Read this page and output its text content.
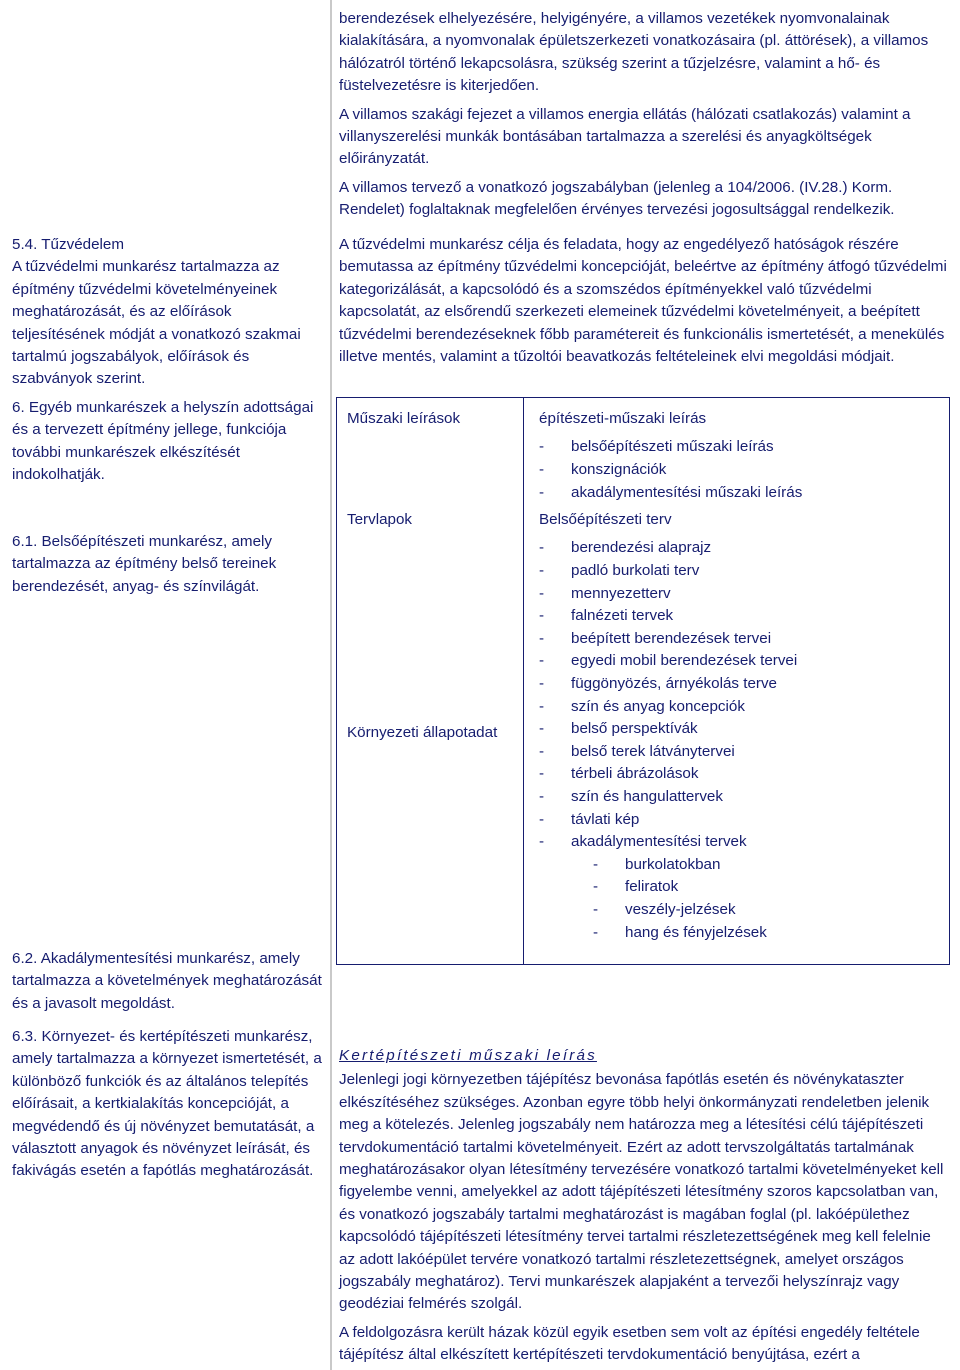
berendezések elhelyezésére, helyigényére, a villamos vezetékek nyomvonalainak kialakítására, a nyomvonalak épületszerkezeti vonatkozásaira (pl. áttörések), a villamos hálózatról történő lekapcsolásra, szükség szerint a tűzjelzésre, valamint a hő- és füstelvezetésre is kiterjedően.

A villamos szakági fejezet a villamos energia ellátás (hálózati csatlakozás) valamint a villanyszerelési munkák bontásában tartalmazza a szerelési és anyagköltségek előirányzatát.

A villamos tervező a vonatkozó jogszabályban (jelenleg a 104/2006. (IV.28.) Korm. Rendelet) foglaltaknak megfelelően érvényes tervezési jogosultsággal rendelkezik.

5.4. Tűzvédelem

A tűzvédelmi munkarész tartalmazza az építmény tűzvédelmi követelményeinek meghatározását, és az előírások teljesítésének módját a vonatkozó szakmai tartalmú jogszabályok, előírások és szabványok szerint.

A tűzvédelmi munkarész célja és feladata, hogy az engedélyező hatóságok részére bemutassa az építmény tűzvédelmi koncepcióját, beleértve az építmény átfogó tűzvédelmi kategorizálását, a kapcsolódó és a szomszédos építményekkel való tűzvédelmi kapcsolatát, az elsőrendű szerkezeti elemeinek tűzvédelmi követelményeit, a beépített tűzvédelmi berendezéseknek főbb paramétereit és funkcionális ismertetését, a menekülés illetve mentés, valamint a tűzoltói beavatkozás feltételeinek elvi megoldási módjait.

6. Egyéb munkarészek a helyszín adottságai és a tervezett építmény jellege, funkciója további munkarészek elkészítését indokolhatják.

6.1. Belsőépítészeti munkarész, amely tartalmazza az építmény belső tereinek berendezését, anyag- és színvilágát.

6.2. Akadálymentesítési munkarész, amely tartalmazza a követelmények meghatározását és a javasolt megoldást.

6.3. Környezet- és kertépítészeti munkarész, amely tartalmazza a környezet ismertetését, a különböző funkciók és az általános telepítés előírásait, a kertkialakítás koncepcióját, a megvédendő és új növényzet bemutatását, a választott anyagok és növényzet leírását, és fakivágás esetén a fapótlás meghatározását.

Műszaki leírások	építészeti-műszaki leírás

- belsőépítészeti műszaki leírás
- konszignációk
- akadálymentesítési műszaki leírás
Tervlapok	Belsőépítészeti terv

- berendezési alaprajz
- padló burkolati terv
- mennyezetterv
- falnézeti tervek
- beépített berendezések tervei
- egyedi mobil berendezések tervei
- függönyözés, árnyékolás terve
- szín és anyag koncepciók
- belső perspektívák
- belső terek látványtervei
- térbeli ábrázolások
- szín és hangulattervek
- távlati kép
- akadálymentesítési tervek
- burkolatokban
- feliratok
- veszély-jelzések
- hang és fényjelzések
Környezeti állapotadat

Kertépítészeti műszaki leírás

Jelenlegi jogi környezetben tájépítész bevonása fapótlás esetén és növénykataszter elkészítéséhez szükséges. Azonban egyre több helyi önkormányzati rendeletben jelenik meg a kötelezés. Jelenleg jogszabály nem határozza meg a létesítési célú tájépítészeti tervdokumentáció tartalmi követelményeit. Ezért az adott tervszolgáltatás tartalmának meghatározásakor olyan létesítmény tervezésére vonatkozó tartalmi követelményeket kell figyelembe venni, amelyekkel az adott tájépítészeti létesítmény szoros kapcsolatban van, és vonatkozó jogszabály tartalmi meghatározást is magában foglal (pl. lakóépülethez kapcsolódó tájépítészeti létesítmény tervei tartalmi részletezettségének meg kell felelnie az adott lakóépület tervére vonatkozó tartalmi részletezettségnek, amelyet országos jogszabály meghatároz). Tervi munkarészek alapjaként a tervezői helyszínrajz vagy geodéziai felmérés szolgál.

A feldolgozásra került házak közül egyik esetben sem volt az építési engedély feltétele tájépítész által elkészített kertépítészeti tervdokumentáció benyújtása, ezért a
